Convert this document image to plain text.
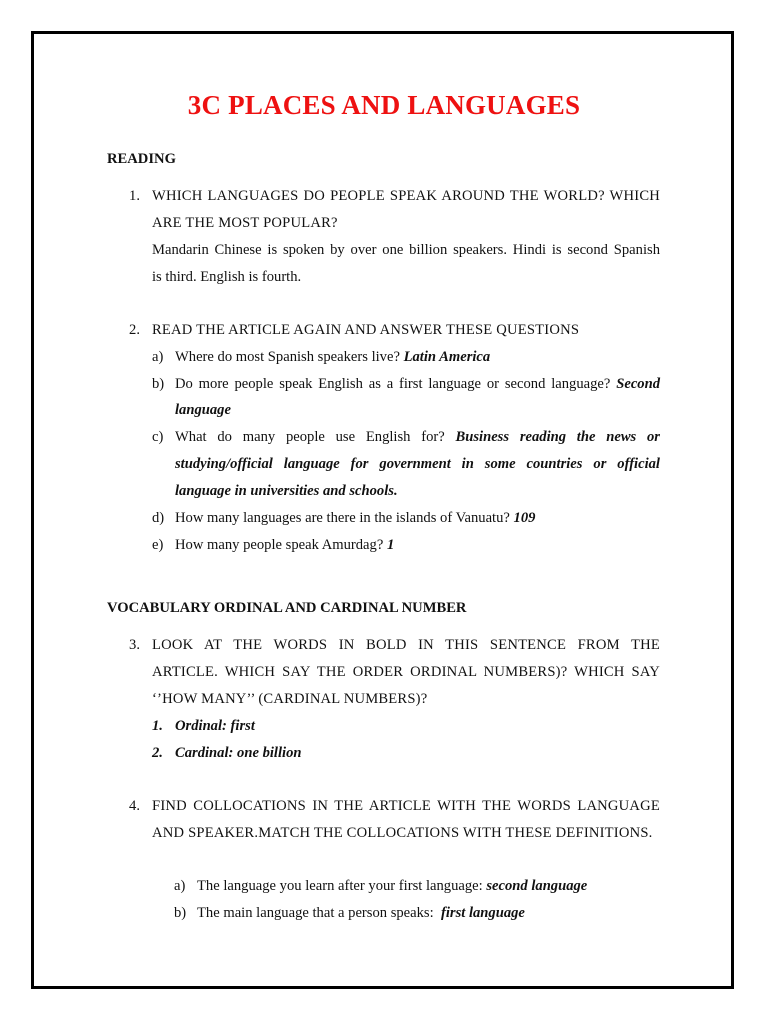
3C PLACES AND LANGUAGES
READING
1. WHICH LANGUAGES DO PEOPLE SPEAK AROUND THE WORLD? WHICH
ARE THE MOST POPULAR?
Mandarin Chinese is spoken by over one billion speakers. Hindi is second Spanish
is third. English is fourth.
2. READ THE ARTICLE AGAIN AND ANSWER THESE QUESTIONS
a) Where do most Spanish speakers live? Latin America
b) Do more people speak English as a first language or second language? Second
language
c) What do many people use English for? Business reading the news or
studying/official language for government in some countries or official
language in universities and schools.
d) How many languages are there in the islands of Vanuatu? 109
e) How many people speak Amurdag? 1
VOCABULARY ORDINAL AND CARDINAL NUMBER
3. LOOK AT THE WORDS IN BOLD IN THIS SENTENCE FROM THE
ARTICLE. WHICH SAY THE ORDER ORDINAL NUMBERS)? WHICH SAY
‘’HOW MANY’’ (CARDINAL NUMBERS)?
1. Ordinal: first
2. Cardinal: one billion
4. FIND COLLOCATIONS IN THE ARTICLE WITH THE WORDS LANGUAGE
AND SPEAKER.MATCH THE COLLOCATIONS WITH THESE DEFINITIONS.
a) The language you learn after your first language: second language
b) The main language that a person speaks: first language
